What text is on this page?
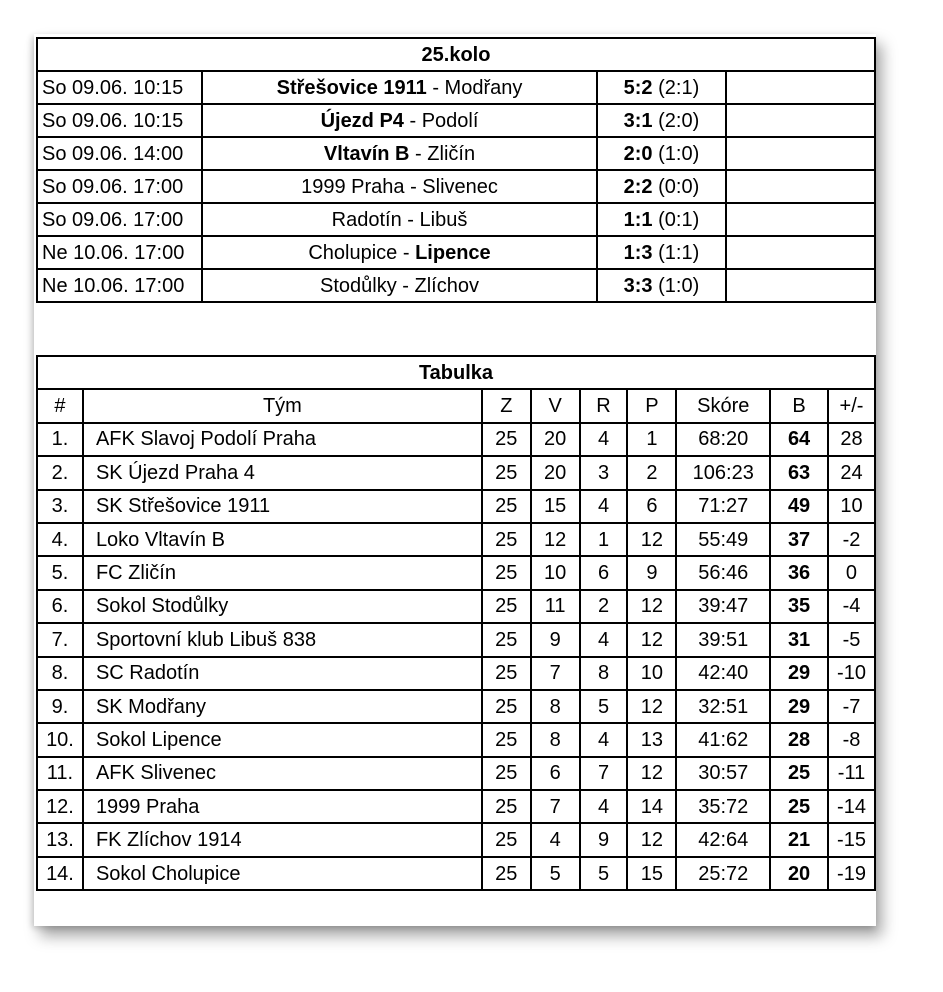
25.kolo			
So 09.06. 10:15	Střešovice 1911 - Modřany	5:2 (2:1)	
So 09.06. 10:15	Újezd P4 - Podolí	3:1 (2:0)	
So 09.06. 14:00	Vltavín B - Zličín	2:0 (1:0)	
So 09.06. 17:00	1999 Praha - Slivenec	2:2 (0:0)	
So 09.06. 17:00	Radotín - Libuš	1:1 (0:1)	
Ne 10.06. 17:00	Cholupice - Lipence	1:3 (1:1)	
Ne 10.06. 17:00	Stodůlky - Zlíchov	3:3 (1:0)	
Tabulka								
#	Tým	Z	V	R	P	Skóre	B	+/-
1.	AFK Slavoj Podolí Praha	25	20	4	1	68:20	64	28
2.	SK Újezd Praha 4	25	20	3	2	106:23	63	24
3.	SK Střešovice 1911	25	15	4	6	71:27	49	10
4.	Loko Vltavín B	25	12	1	12	55:49	37	-2
5.	FC Zličín	25	10	6	9	56:46	36	0
6.	Sokol Stodůlky	25	11	2	12	39:47	35	-4
7.	Sportovní klub Libuš 838	25	9	4	12	39:51	31	-5
8.	SC Radotín	25	7	8	10	42:40	29	-10
9.	SK Modřany	25	8	5	12	32:51	29	-7
10.	Sokol Lipence	25	8	4	13	41:62	28	-8
11.	AFK Slivenec	25	6	7	12	30:57	25	-11
12.	1999 Praha	25	7	4	14	35:72	25	-14
13.	FK Zlíchov 1914	25	4	9	12	42:64	21	-15
14.	Sokol Cholupice	25	5	5	15	25:72	20	-19
